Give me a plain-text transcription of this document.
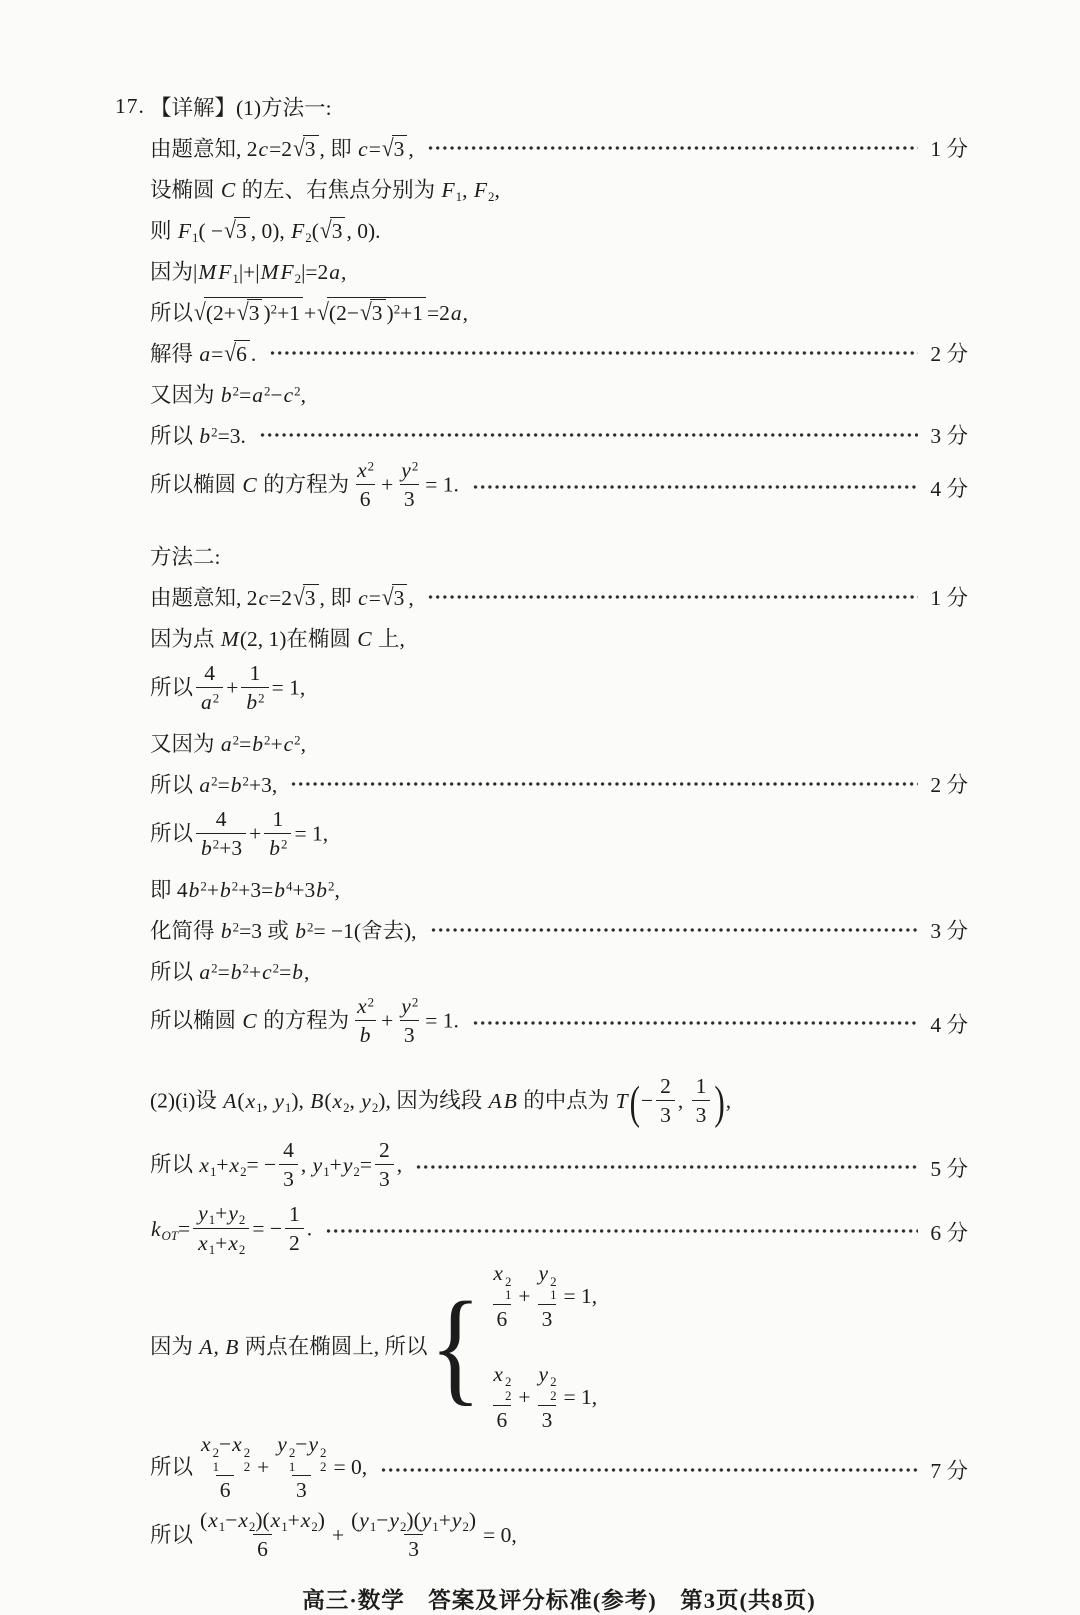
17. 【详解】(1)方法一:
由题意知, 2c=2√3 , 即 c=√3 ,	1 分
设椭圆 C 的左、右焦点分别为 $F_1$, $F_2$,
则 $F_1( -√3$ , 0), $F_2(√3$ , 0).
因为$|MF_1|+|MF_2|=2a$,
所以√(2+√3 )$^2$+1 +√(2−√3 )$^2$+1 =2a,
解得 a=√6 .	2 分
又因为 $b^2=a^2-c^2$,
所以 $b^2=3$.	3 分
所以椭圆 C 的方程为 $\frac{x^2}{6} + \frac{y^2}{3} = 1$.	4 分
方法二:
由题意知, 2c=2√3 , 即 c=√3 ,	1 分
因为点 M(2, 1)在椭圆 C 上,
所以 $\frac{4}{a^2} + \frac{1}{b^2} = 1$,
又因为 $a^2=b^2+c^2$,
所以 $a^2=b^2+3$,	2 分
所以 $\frac{4}{b^2+3} + \frac{1}{b^2} = 1$,
即 $4b^2+b^2+3=b^4+3b^2$,
化简得 $b^2=3$ 或 $b^2= -1$(舍去),	3 分
所以 $a^2=b^2+c^2=b$,
所以椭圆 C 的方程为 $\frac{x^2}{b} + \frac{y^2}{3} = 1$.	4 分
(2)(i)设 $A(x_1$, $y_1$), $B(x_2$, $y_2$), 因为线段 AB 的中点为 $T(- \frac{2}{3}$ , $\frac{1}{3}$ ),
所以 $x_1+x_2= - \frac{4}{3}$ , $y_1+y_2= \frac{2}{3}$ ,	5 分
$k_{OT}= \frac{y_1+y_2}{x_1+x_2}$ = − $\frac{1}{2}$ .	6 分
因为 A, B 两点在椭圆上, 所以 { x 2
1
6 + y 2
1
3 = 1,
x 2
2
6 + y 2
2
3 = 1,
所以 x 2
1
−x 2
2
6 + y 2
1
−y 2
2
3 = 0,	7 分
所以 $\frac{(x_1-x_2)(x_1+x_2)}{6} + \frac{(y_1-y_2)(y_1+y_2)}{3} = 0$,
高三·数学　答案及评分标准(参考)　第3页(共8页)
